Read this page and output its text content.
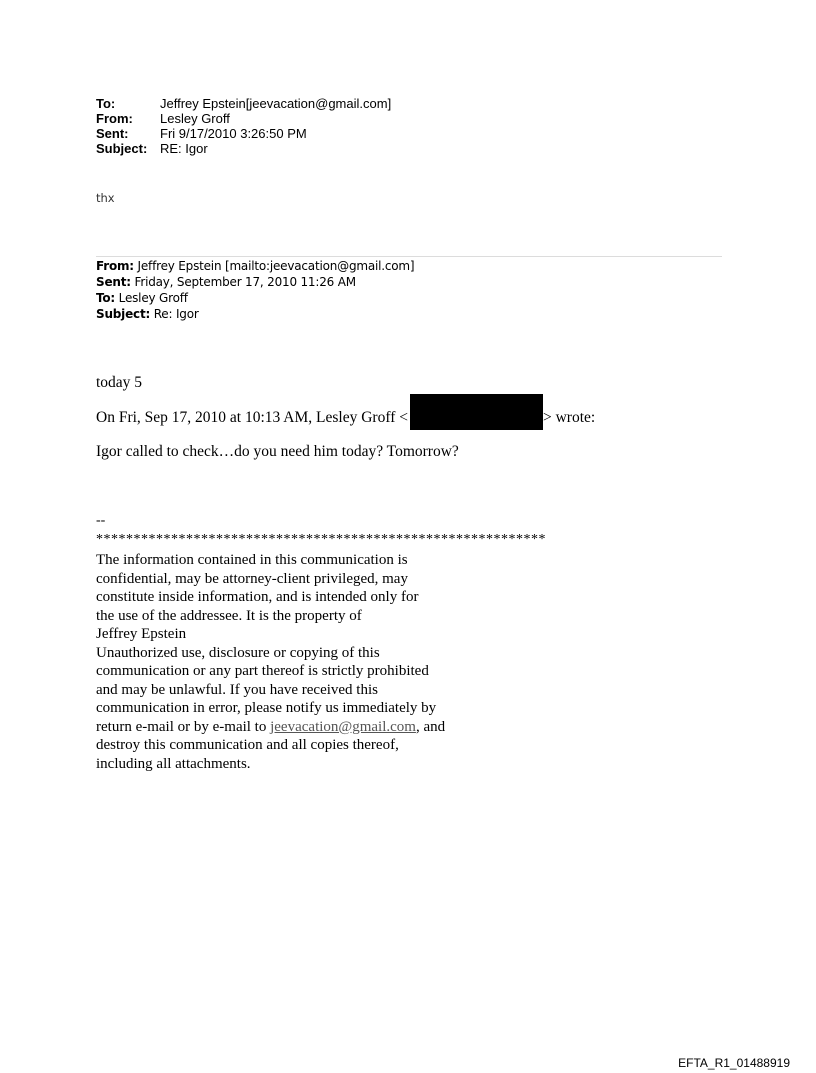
To:	Jeffrey Epstein[jeevacation@gmail.com]
From:	Lesley Groff
Sent:	Fri 9/17/2010 3:26:50 PM
Subject: RE: Igor
thx
From: Jeffrey Epstein [mailto:jeevacation@gmail.com]
Sent: Friday, September 17, 2010 11:26 AM
To: Lesley Groff
Subject: Re: Igor
today 5
On Fri, Sep 17, 2010 at 10:13 AM, Lesley Groff <	> wrote:
Igor called to check…do you need him today? Tomorrow?
--
************************************************************
The information contained in this communication is
confidential, may be attorney-client privileged, may
constitute inside information, and is intended only for
the use of the addressee. It is the property of
Jeffrey Epstein
Unauthorized use, disclosure or copying of this
communication or any part thereof is strictly prohibited
and may be unlawful. If you have received this
communication in error, please notify us immediately by
return e-mail or by e-mail to jeevacation@gmail.com, and
destroy this communication and all copies thereof,
including all attachments.
EFTA_R1_01488919
